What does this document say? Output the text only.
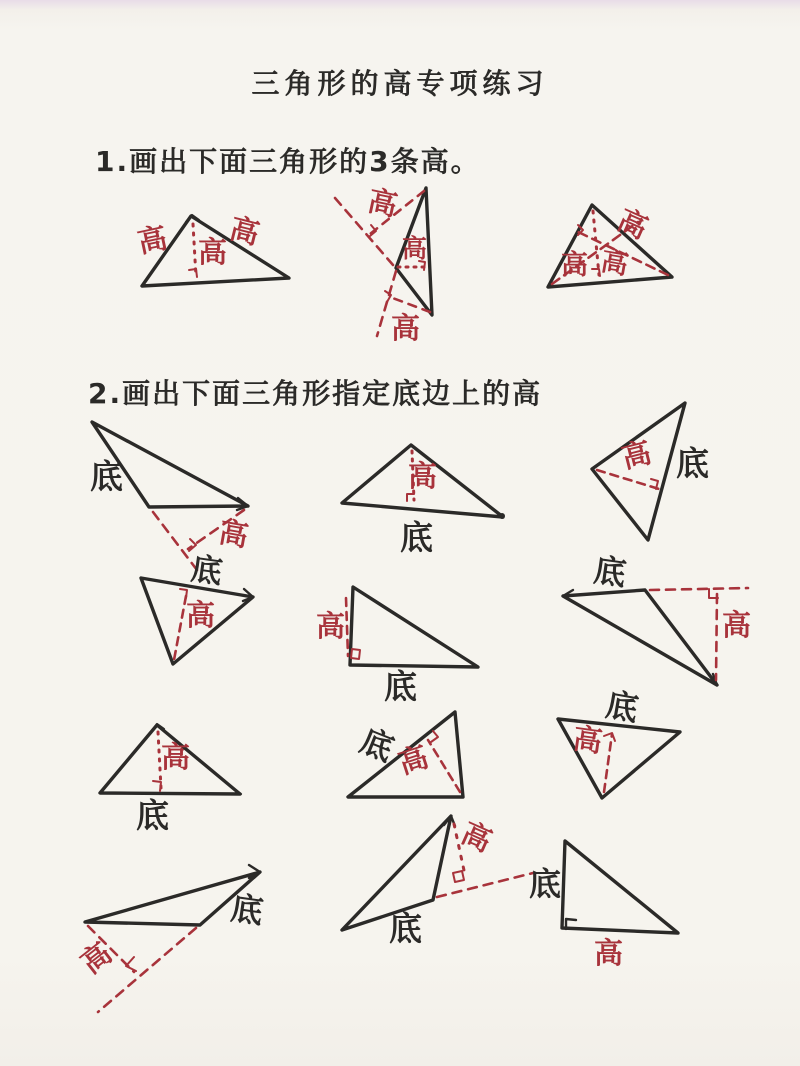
三角形的高专项练习
1.画出下面三角形的3条高。
2.画出下面三角形指定底边上的高
高 高
高
高
高
高
高
高 高
底
高
高
底
底
高
底
高	高
底
底
高
高
底
底
高
底
高
高
底
底
高
底
高
